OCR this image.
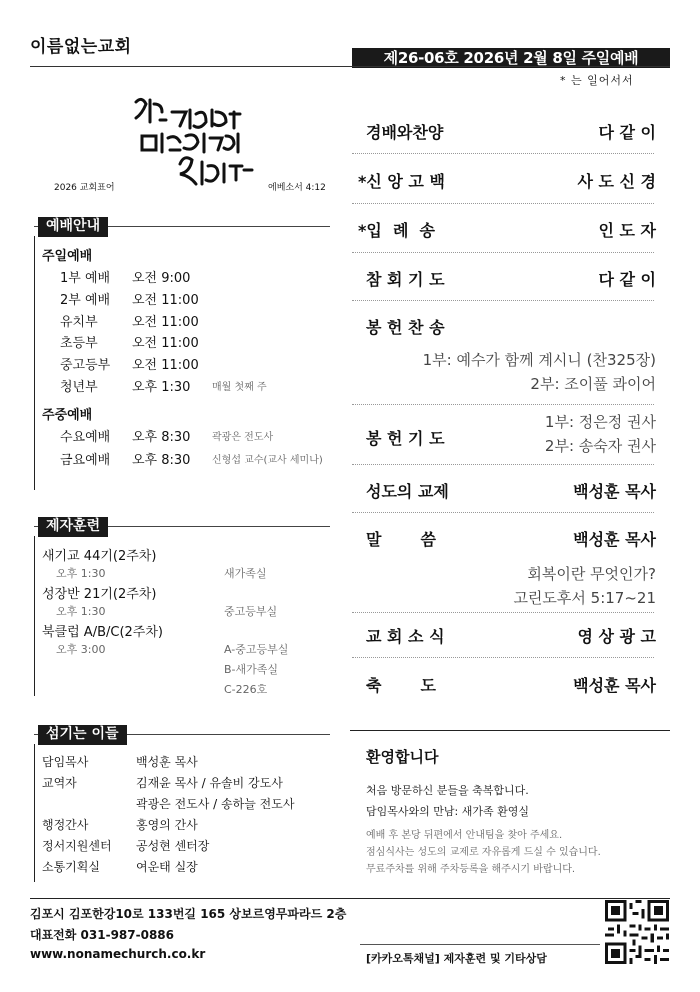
이름없는교회
제26-06호 2026년 2월 8일 주일예배
* 는 일어서서
2026 교회표어	에베소서 4:12
예배안내
주일예배
1부 예배 오전 9:00
2부 예배 오전 11:00
유치부	오전 11:00
초등부	오전 11:00
중고등부 오전 11:00
청년부	오후 1:30 매월 첫째 주
주중예배
수요예배 오후 8:30 곽광은 전도사
금요예배 오후 8:30 신형섭 교수(교사 세미나)
제자훈련
새기교 44기(2주차)
오후 1:30	새가족실
성장반 21기(2주차)
오후 1:30	중고등부실
북클럽 A/B/C(2주차)
오후 3:00	A-중고등부실
B-새가족실
C-226호
섬기는 이들
담임목사	백성훈 목사
교역자	김재윤 목사 / 유솔비 강도사
곽광은 전도사 / 송하늘 전도사
행정간사	홍영의 간사
정서지원센터 공성현 센터장
소통기획실	여운태 실장
경배와찬양	다 같 이
*신 앙 고 백	사 도 신 경
*입  례  송	인 도 자
참 회 기 도	다 같 이
봉 헌 찬 송
1부: 예수가 함께 계시니 (찬325장)
2부: 조이풀 콰이어
봉 헌 기 도
1부: 정은정 권사
2부: 송숙자 권사
성도의 교제	백성훈 목사
말       씀	백성훈 목사
회복이란 무엇인가?
고린도후서 5:17~21
교 회 소 식	영 상 광 고
축       도	백성훈 목사
환영합니다
처음 방문하신 분들을 축복합니다.
담임목사와의 만남: 새가족 환영실
예배 후 본당 뒤편에서 안내팀을 찾아 주세요.
점심식사는 성도의 교제로 자유롭게 드실 수 있습니다.
무료주차를 위해 주차등록을 해주시기 바랍니다.
김포시 김포한강10로 133번길 165 상보르영무파라드 2층
대표전화 031-987-0886
www.nonamechurch.co.kr	[카카오톡채널] 제자훈련 및 기타상담
